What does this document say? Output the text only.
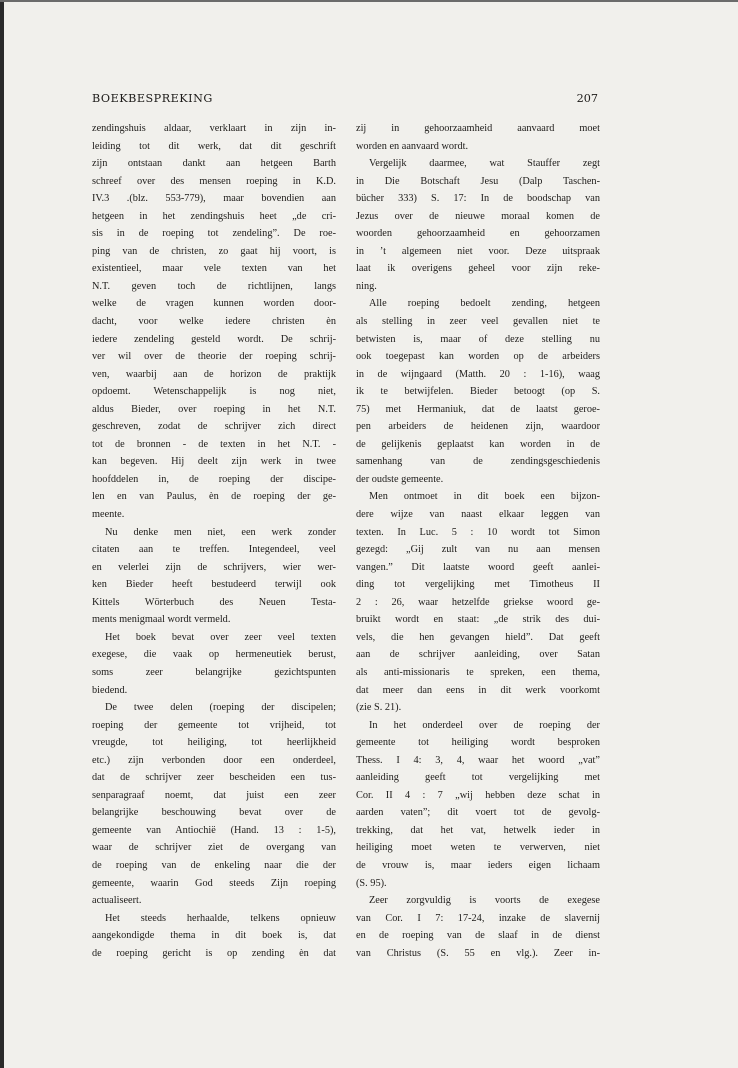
BOEKBESPREKING	207
zendingshuis aldaar, verklaart in zijn in-
leiding tot dit werk, dat dit geschrift
zijn ontstaan dankt aan hetgeen Barth
schreef over des mensen roeping in K.D.
IV.3 .(blz. 553-779), maar bovendien aan
hetgeen in het zendingshuis heet „de cri-
sis in de roeping tot zendeling”. De roe-
ping van de christen, zo gaat hij voort, is
existentieel, maar vele texten van het
N.T. geven toch de richtlijnen, langs
welke de vragen kunnen worden door-
dacht, voor welke iedere christen èn
iedere zendeling gesteld wordt. De schrij-
ver wil over de theorie der roeping schrij-
ven, waarbij aan de horizon de praktijk
opdoemt. Wetenschappelijk is nog niet,
aldus Bieder, over roeping in het N.T.
geschreven, zodat de schrijver zich direct
tot de bronnen - de texten in het N.T. -
kan begeven. Hij deelt zijn werk in twee
hoofddelen in, de roeping der discipe-
len en van Paulus, èn de roeping der ge-
meente.
Nu denke men niet, een werk zonder
citaten aan te treffen. Integendeel, veel
en velerlei zijn de schrijvers, wier wer-
ken Bieder heeft bestudeerd terwijl ook
Kittels Wörterbuch des Neuen Testa-
ments menigmaal wordt vermeld.
Het boek bevat over zeer veel texten
exegese, die vaak op hermeneutiek berust,
soms zeer belangrijke gezichtspunten
biedend.
De twee delen (roeping der discipelen;
roeping der gemeente tot vrijheid, tot
vreugde, tot heiliging, tot heerlijkheid
etc.) zijn verbonden door een onderdeel,
dat de schrijver zeer bescheiden een tus-
senparagraaf noemt, dat juist een zeer
belangrijke beschouwing bevat over de
gemeente van Antiochië (Hand. 13 : 1-5),
waar de schrijver ziet de overgang van
de roeping van de enkeling naar die der
gemeente, waarin God steeds Zijn roeping
actualiseert.
Het steeds herhaalde, telkens opnieuw
aangekondigde thema in dit boek is, dat
de roeping gericht is op zending èn dat
zij in gehoorzaamheid aanvaard moet
worden en aanvaard wordt.
Vergelijk daarmee, wat Stauffer zegt
in Die Botschaft Jesu (Dalp Taschen-
bücher 333) S. 17: In de boodschap van
Jezus over de nieuwe moraal komen de
woorden gehoorzaamheid en gehoorzamen
in ’t algemeen niet voor. Deze uitspraak
laat ik overigens geheel voor zijn reke-
ning.
Alle roeping bedoelt zending, hetgeen
als stelling in zeer veel gevallen niet te
betwisten is, maar of deze stelling nu
ook toegepast kan worden op de arbeiders
in de wijngaard (Matth. 20 : 1-16), waag
ik te betwijfelen. Bieder betoogt (op S.
75) met Hermaniuk, dat de laatst geroe-
pen arbeiders de heidenen zijn, waardoor
de gelijkenis geplaatst kan worden in de
samenhang van de zendingsgeschiedenis
der oudste gemeente.
Men ontmoet in dit boek een bijzon-
dere wijze van naast elkaar leggen van
texten. In Luc. 5 : 10 wordt tot Simon
gezegd: „Gij zult van nu aan mensen
vangen.” Dit laatste woord geeft aanlei-
ding tot vergelijking met Timotheus II
2 : 26, waar hetzelfde griekse woord ge-
bruikt wordt en staat: „de strik des dui-
vels, die hen gevangen hield”. Dat geeft
aan de schrijver aanleiding, over Satan
als anti-missionaris te spreken, een thema,
dat meer dan eens in dit werk voorkomt
(zie S. 21).
In het onderdeel over de roeping der
gemeente tot heiliging wordt besproken
Thess. I 4: 3, 4, waar het woord „vat”
aanleiding geeft tot vergelijking met
Cor. II 4 : 7 „wij hebben deze schat in
aarden vaten”; dit voert tot de gevolg-
trekking, dat het vat, hetwelk ieder in
heiliging moet weten te verwerven, niet
de vrouw is, maar ieders eigen lichaam
(S. 95).
Zeer zorgvuldig is voorts de exegese
van Cor. I 7: 17-24, inzake de slavernij
en de roeping van de slaaf in de dienst
van Christus (S. 55 en vlg.). Zeer in-
